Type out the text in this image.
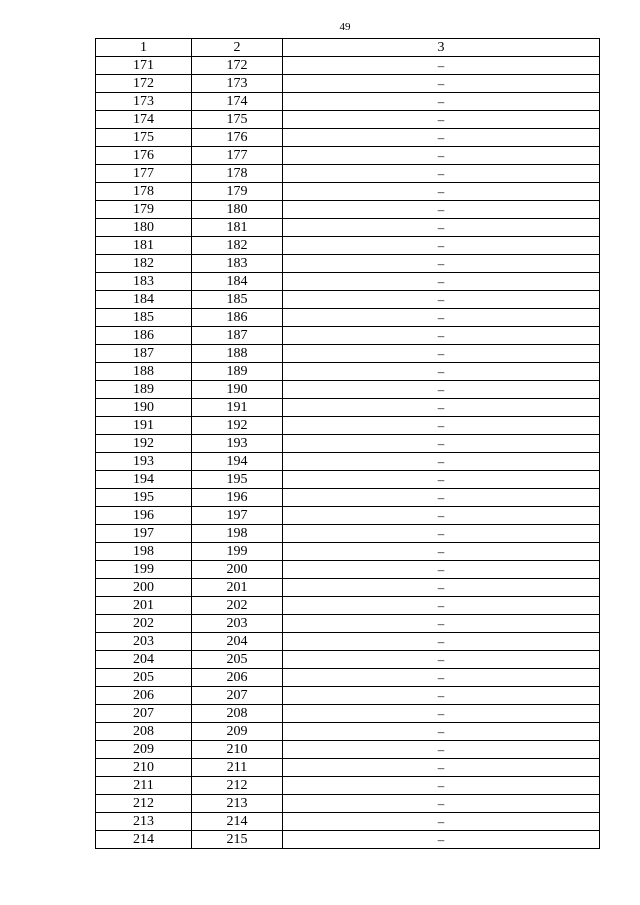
49
1	2	3
171	172	–
172	173	–
173	174	–
174	175	–
175	176	–
176	177	–
177	178	–
178	179	–
179	180	–
180	181	–
181	182	–
182	183	–
183	184	–
184	185	–
185	186	–
186	187	–
187	188	–
188	189	–
189	190	–
190	191	–
191	192	–
192	193	–
193	194	–
194	195	–
195	196	–
196	197	–
197	198	–
198	199	–
199	200	–
200	201	–
201	202	–
202	203	–
203	204	–
204	205	–
205	206	–
206	207	–
207	208	–
208	209	–
209	210	–
210	211	–
211	212	–
212	213	–
213	214	–
214	215	–
